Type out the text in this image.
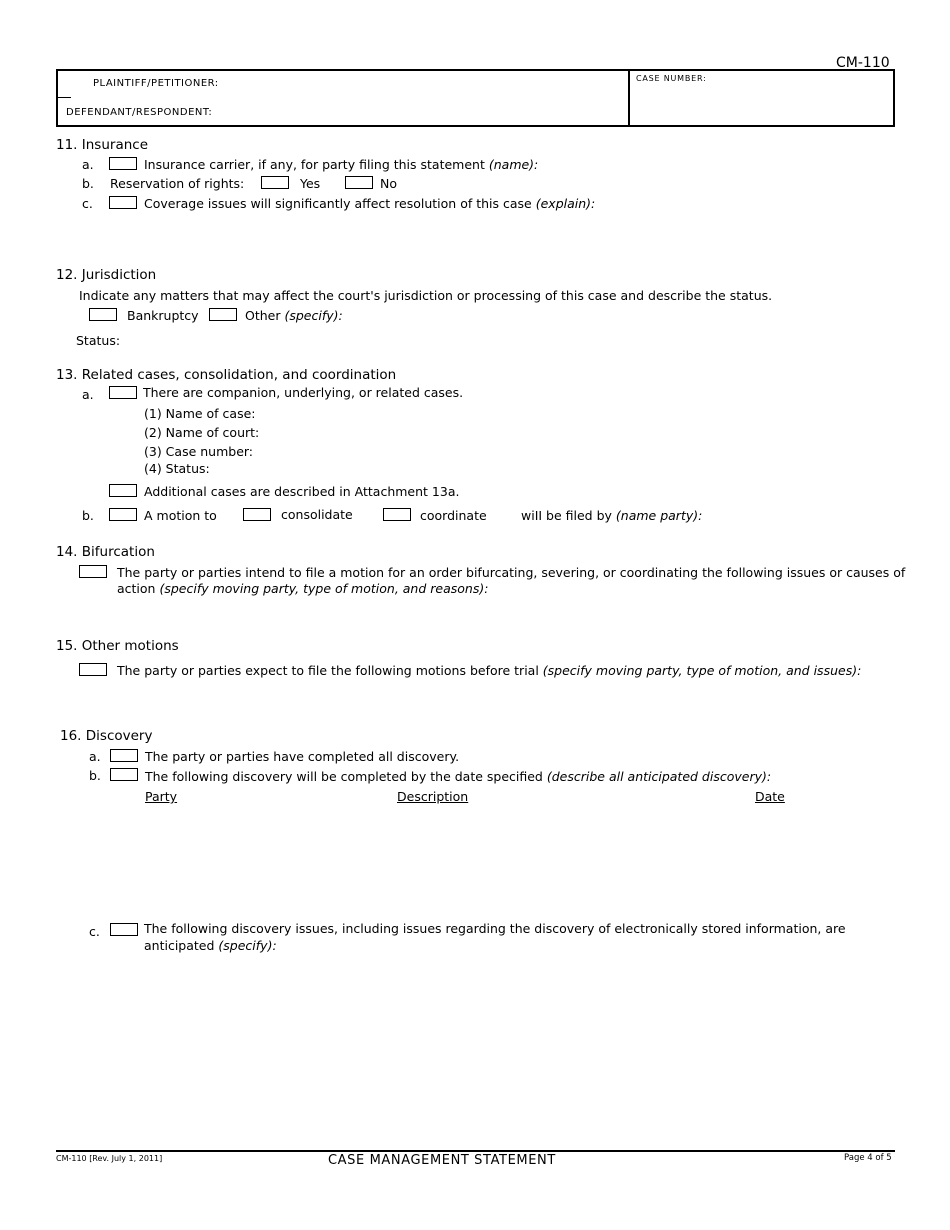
CM-110
PLAINTIFF/PETITIONER:
DEFENDANT/RESPONDENT:
CASE NUMBER:
11. Insurance
a.	Insurance carrier, if any, for party filing this statement (name):
b. Reservation of rights:	Yes	No
c.	Coverage issues will significantly affect resolution of this case (explain):
12. Jurisdiction
Indicate any matters that may affect the court's jurisdiction or processing of this case and describe the status.
Bankruptcy	Other (specify):
Status:
13. Related cases, consolidation, and coordination
a.	There are companion, underlying, or related cases.
(1) Name of case:
(2) Name of court:
(3) Case number:
(4) Status:
Additional cases are described in Attachment 13a.
b.	A motion to	consolidate	coordinate	wiII be filed by (name party):
14. Bifurcation
The party or parties intend to file a motion for an order bifurcating, severing, or coordinating the following issues or causes of
action (specify moving party, type of motion, and reasons):
15. Other motions
The party or parties expect to file the following motions before trial (specify moving party, type of motion, and issues):
16. Discovery
a.	The party or parties have completed all discovery.
b.	The following discovery will be completed by the date specified (describe all anticipated discovery):
Party	Description	Date
c.	The following discovery issues, including issues regarding the discovery of electronically stored information, are
anticipated (specify):
CM-110 [Rev. July 1, 2011]	CASE MANAGEMENT STATEMENT	Page 4 of 5
